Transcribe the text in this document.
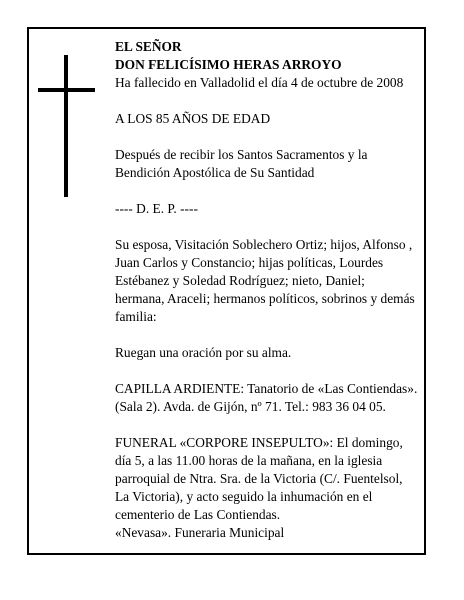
EL SEÑOR

DON FELICÍSIMO HERAS ARROYO

Ha fallecido en Valladolid el día 4 de octubre de 2008

A LOS 85 AÑOS DE EDAD

Después de recibir los Santos Sacramentos y la

Bendición Apostólica de Su Santidad

---- D. E. P. ----

Su esposa, Visitación Soblechero Ortiz; hijos, Alfonso ,

Juan Carlos y Constancio; hijas políticas, Lourdes

Estébanez y Soledad Rodríguez; nieto, Daniel;

hermana, Araceli; hermanos políticos, sobrinos y demás

familia:

Ruegan una oración por su alma.

CAPILLA ARDIENTE: Tanatorio de «Las Contiendas».

(Sala 2). Avda. de Gijón, nº 71. Tel.: 983 36 04 05.

FUNERAL «CORPORE INSEPULTO»: El domingo,

día 5, a las 11.00 horas de la mañana, en la iglesia

parroquial de Ntra. Sra. de la Victoria (C/. Fuentelsol,

La Victoria), y acto seguido la inhumación en el

cementerio de Las Contiendas.

«Nevasa». Funeraria Municipal
